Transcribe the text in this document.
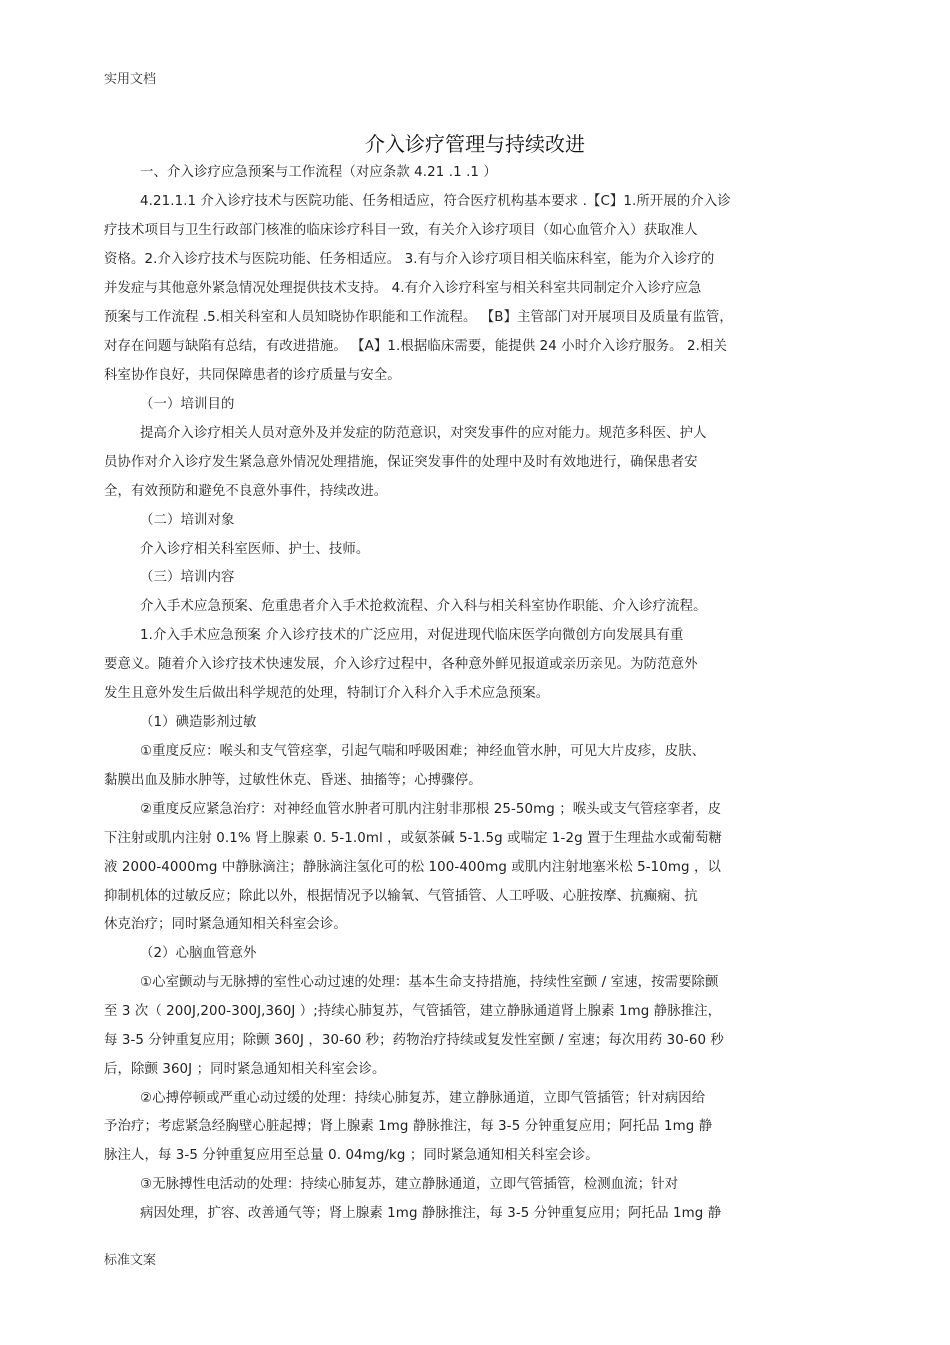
实用文档
介入诊疗管理与持续改进
一、介入诊疗应急预案与工作流程（对应条款 4.21 .1 .1 ）
4.21.1.1 介入诊疗技术与医院功能、任务相适应，符合医疗机构基本要求 .【C】1.所开展的介入诊
疗技术项目与卫生行政部门核准的临床诊疗科目一致，有关介入诊疗项目（如心血管介入）获取准人
资格。2.介入诊疗技术与医院功能、任务相适应。 3.有与介入诊疗项目相关临床科室，能为介入诊疗的
并发症与其他意外紧急情况处理提供技术支持。 4.有介入诊疗科室与相关科室共同制定介入诊疗应急
预案与工作流程 .5.相关科室和人员知晓协作职能和工作流程。 【B】主管部门对开展项目及质量有监管，
对存在问题与缺陷有总结，有改进措施。 【A】1.根据临床需要，能提供 24 小时介入诊疗服务。 2.相关
科室协作良好，共同保障患者的诊疗质量与安全。
（一）培训目的
提高介入诊疗相关人员对意外及并发症的防范意识，对突发事件的应对能力。规范多科医、护人
员协作对介入诊疗发生紧急意外情况处理措施，保证突发事件的处理中及时有效地进行，确保患者安
全，有效预防和避免不良意外事件，持续改进。
（二）培训对象
介入诊疗相关科室医师、护士、技师。
（三）培训内容
介入手术应急预案、危重患者介入手术抢救流程、介入科与相关科室协作职能、介入诊疗流程。
1.介入手术应急预案 介入诊疗技术的广泛应用，对促进现代临床医学向微创方向发展具有重
要意义。随着介入诊疗技术快速发展，介入诊疗过程中，各种意外鲜见报道或亲历亲见。为防范意外
发生且意外发生后做出科学规范的处理，特制订介入科介入手术应急预案。
（1）碘造影剂过敏
①重度反应：喉头和支气管痉挛，引起气喘和呼吸困难；神经血管水肿，可见大片皮疹，皮肤、
黏膜出血及肺水肿等，过敏性休克、昏迷、抽搐等；心搏骤停。
②重度反应紧急治疗：对神经血管水肿者可肌内注射非那根 25-50mg ；喉头或支气管痉挛者，皮
下注射或肌内注射 0.1% 肾上腺素 0. 5-1.0ml ，或氨茶碱 5-1.5g 或喘定 1-2g 置于生理盐水或葡萄糖
液 2000-4000mg 中静脉滴注；静脉滴注氢化可的松 100-400mg 或肌内注射地塞米松 5-10mg ，以
抑制机体的过敏反应；除此以外，根据情况予以输氧、气管插管、人工呼吸、心脏按摩、抗癫痫、抗
休克治疗；同时紧急通知相关科室会诊。
（2）心脑血管意外
①心室颤动与无脉搏的室性心动过速的处理：基本生命支持措施，持续性室颤 / 室速，按需要除颤
至 3 次（ 200J,200-300J,360J ）;持续心肺复苏，气管插管，建立静脉通道肾上腺素 1mg 静脉推注，
每 3-5 分钟重复应用；除颤 360J ，30-60 秒；药物治疗持续或复发性室颤 / 室速；每次用药 30-60 秒
后，除颤 360J ；同时紧急通知相关科室会诊。
②心搏停顿或严重心动过缓的处理：持续心肺复苏，建立静脉通道，立即气管插管；针对病因给
予治疗；考虑紧急经胸壁心脏起搏；肾上腺素 1mg 静脉推注，每 3-5 分钟重复应用；阿托品 1mg 静
脉注人，每 3-5 分钟重复应用至总量 0. 04mg/kg ；同时紧急通知相关科室会诊。
③无脉搏性电活动的处理：持续心肺复苏，建立静脉通道，立即气管插管，检测血流；针对
病因处理，扩容、改善通气等；肾上腺素 1mg 静脉推注，每 3-5 分钟重复应用；阿托品 1mg 静
标准文案
